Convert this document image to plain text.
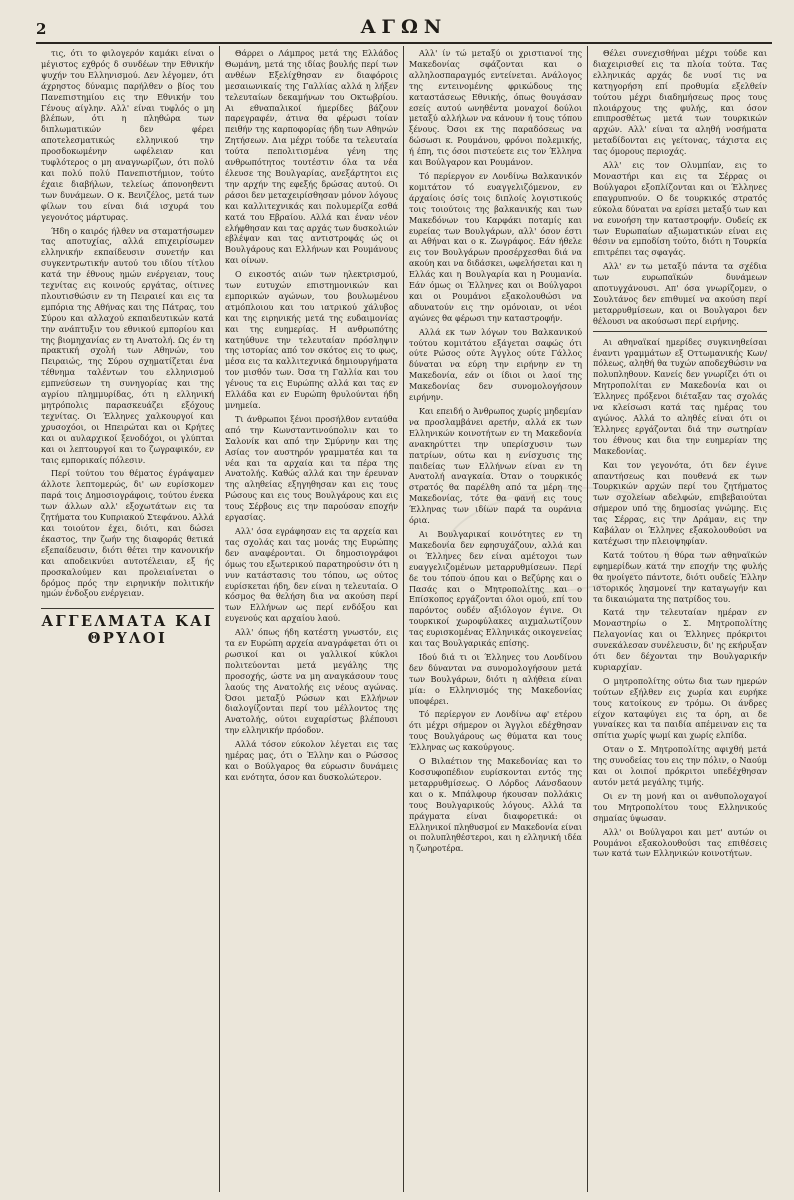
2	ΑΓΩΝ

τις, ότι το φιλογερόν καμάκι είναι ο μέγιστος εχθρός δ συνδέων την Εθνικήν ψυχήν του Ελληνισμού. Δεν λέγομεν, ότι άχρηστος δύναμις παρήλθεν ο βίος του Πανεπιστημίου εις την Εθνικήν του Γένους αίγλην. Αλλ' είναι τυφλός ο μη βλέπων, ότι η πληθώρα των διπλωματικών δεν φέρει αποτελεσματικώς ελληνικού την προσδοκωμένην ωφέλειαν και τυφλότερος ο μη αναγνωρίζων, ότι πολύ και πολύ πολύ Πανεπιστήμιον, τούτο έχαιε διαβήλων, τελείως άπονοηθεντι των δυνάμεων. Ο κ. Βενιζέλος, μετά των φίλων του είναι διά ισχυρά του γεγονότος μάρτυρας.

Ήδη ο καιρός ήλθεν να σταματήσωμεν τας αποτυχίας, αλλά επιχειρίσωμεν ελληνικήν εκπαίδευσιν συνετήν και συγκεντρωτικήν αυτού του ιδίου τίτλου κατά την έθνους ημών ενέργειαν, τους τεχνίτας εις κοινούς εργάτας, οίτινες πλουτισθώσιν εν τη Πειραιεί και εις τα εμπόρια της Αθήνας και της Πάτρας, του Σύρου και αλλαχού εκπαιδευτικών κατά την ανάπτυξιν του εθνικού εμπορίου και της βιομηχανίας εν τη Ανατολή. Ως έν τη πρακτική σχολή των Αθηνών, του Πειραιώς, της Σύρου σχηματίζεται ένα τέθνημα ταλέντων του ελληνισμού εμπνεύσεων τη συνηγορίας και της αγρίου πλημμυρίδας, ότι η ελληνική μητρόπολις παρασκευάζει εξόχους τεχνίτας. Οι Έλληνες χαλκουργοί και χρυσοχόοι, οι Ηπειρώται και οι Κρήτες και οι αυλαρχικοί ξενοδόχοι, οι γλύπται και οι λεπτουργοί και το ζωγραφικόν, εν ταις εμπορικαίς πόλεσιν.

Περί τούτου του θέματος έγράψαμεν άλλοτε λεπτομερώς, δι' ων ευρίσκομεν παρά τοις Δημοσιογράφοις, τούτου ένεκα των άλλων αλλ' εξοχωτάτων εις τα ζητήματα του Κυπριακού Στεφάνου. Αλλά και τοιούτον έχει, διότι, και δώσει έκαστος, την ζωήν της διαφοράς θετικά εξεπαίδευσιν, διότι θέτει την κανονικήν και αποδεικνύει αυτοτέλειαν, εξ ής προσκαλούμεν και προλειαίνεται ο δρόμος πρός την ειρηνικήν πολιτικήν ημών ένδοξου ενέργειαν.

ΑΓΓΕΛΜΑΤΑ ΚΑΙ ΘΡΥΛΟΙ

Θάρρει ο Λάμπρος μετά της Ελλάδος Θωμάνη, μετά της ιδίας βουλής περί των ανθέων Εξελίχθησαν εν διαφόροις μεσαιωνικαίς της Γαλλίας αλλά η λήξεν τελευταίων δεκαμήνων του Οκτωβρίου. Αι εθναπαλικοί ήμερίδες βάζουν παρεγραφέν, άτινα θα φέρωσι τοίαν πειθήν της καρποφορίας ήδη των Αθηνών Ζητήσεων. Δια μέχρι τούδε τα τελευταία τούτα πεπολιτισμένα γένη της ανθρωπότητος τουτέστιν όλα τα νέα έλευσε της Βουλγαρίας, ανεξάρτητοι εις την αρχήν της εφεξής δρώσας αυτού. Οι ράσοι δεν μεταχειρίσθησαν μόνον λόγους και καλλιτεχνικάς και πολυμερίζα εσθά κατά του Εβραίου. Αλλά και έναν νέον ελήφθησαν και τας αρχάς των δυσκολιών εβλέψαν και τας αντιστροφάς ώς οι Βουλγάρους και Ελλήνων και Ρουμάνους και οίνων.

Ο εικοστός αιών των ηλεκτρισμού, των ευτυχών επιστημονικών και εμπορικών αγώνων, του βουλωμένου ατμόπλοιου και του ιατρικού χάλυβος και της ειρηνικής μετά της ευδαιμονίας και της ευημερίας. Η ανθρωπότης κατηύθυνε την τελευταίαν πρόσληψιν της ιστορίας από τον σκότος εις το φως, μέσα εις τα καλλιτεχνικά δημιουργήματα τον μισθόν των. Όσα τη Γαλλία και του γένους τα εις Ευρώπης αλλά και τας εν Ελλάδα και εν Ευρώπη θρυλούνται ήδη μνημεία.

Τι άνθρωποι ξένοι προσήλθον ενταύθα από την Κωνσταντινούπολιν και το Σαλονίκ και από την Σμύρνην και της Ασίας τον αυστηρόν γραμματέα και τα νέα και τα αρχαία και τα πέρα της Ανατολής. Καθώς αλλά και την έρευναν της αληθείας εξηγηθησαν και εις τους Ρώσους και εις τους Βουλγάρους και εις τους Σέρβους εις την παρούσαν εποχήν εργασίας.

Αλλ' όσα εγράφησαν εις τα αρχεία και τας σχολάς και τας μονάς της Ευρώπης δεν αναφέρονται. Οι δημοσιογράφοι όμως του εξωτερικού παρατηρούσιν ότι η νυν κατάστασις του τόπου, ως ούτος ευρίσκεται ήδη, δεν είναι η τελευταία. Ο κόσμος θα θελήση δια να ακούση περί των Ελλήνων ως περί ενδόξου και ευγενούς και αρχαίου λαού.

Αλλ' όπως ήδη κατέστη γνωστόν, εις τα εν Ευρώπη αρχεία αναγράφεται ότι οι ρωσικοί και οι γαλλικοί κύκλοι πολιτεύονται μετά μεγάλης της προσοχής, ώστε να μη αναγκάσουν τους λαούς της Ανατολής εις νέους αγώνας. Όσοι μεταξύ Ρώσων και Ελλήνων διαλογίζονται περί του μέλλοντος της Ανατολής, ούτοι ευχαρίστως βλέπουσι την ελληνικήν πρόοδον.

Αλλά τόσον εύκολον λέγεται εις τας ημέρας μας, ότι ο Έλλην και ο Ρώσσος και ο Βούλγαρος θα εύρωσιν δυνάμεις και ενότητα, όσον και δυσκολώτερον.

Αλλ' ίν τώ μεταξύ οι χριστιανοί της Μακεδονίας σφάζονται και ο αλληλοσπαραγμός εντείνεται. Ανάλογος της εντεινομένης φρικώδους της καταστάσεως Εθνικής, όπως θουγάσαν εσείς αυτού ωνηθέντα μοναχοί δούλοι μεταξύ αλλήλων να κάνουν ή τους τόπου ξένους. Όσοι εκ της παραδόσεως να δώσωσι κ. Ρουμάνου, φρόνοι πολεμικής, ή έπη, τις όσοι πιστεύετε εις τον Έλληνα και Βούλγαρον και Ρουμάνον.

Τό περίεργον εν Λονδίνω Βαλκανικόν κομιτάτον τό ευαγγελιζόμενον, εν άρχαίοις όσίς τοις διπλοίς λογιστικούς τοις τοιούτοις της βαλκανικής και των Μακεδόνων του Καρφάκι ποταμίς και ευρείας των Βουλγάρων, αλλ' όσον έστι αι Αθήναι και ο κ. Ζωγράφος. Εάν ήθελε εις τον Βουλγάρων προσέρχεσθαι διά να ακούη και να διδάσκει, ωφελήσεται και η Ελλάς και η Βουλγαρία και η Ρουμανία. Εάν όμως οι Έλληνες και οι Βούλγαροι και οι Ρουμάνοι εξακολουθώσι να αδυνατούν εις την ομόνοιαν, οι νέοι αγώνες θα φέρωσι την καταστροφήν.

Αλλά εκ των λόγων του Βαλκανικού τούτου κομιτάτου εξάγεται σαφώς ότι ούτε Ρώσος ούτε Άγγλος ούτε Γάλλος δύναται να εύρη την ειρήνην εν τη Μακεδονία, εάν οι ίδιοι οι λαοί της Μακεδονίας δεν συνομολογήσουν ειρήνην.

Και επειδή ο Άνθρωπος χωρίς μηδεμίαν να προσλαμβάνει αρετήν, αλλά εκ των Ελληνικών κοινοτήτων εν τη Μακεδονία ανακηρύττει την υπερίσχυσιν των πατρίων, ούτω και η ενίσχυσις της παιδείας των Ελλήνων είναι εν τη Ανατολή αναγκαία. Όταν ο τουρκικός στρατός θα παρέλθη από τα μέρη της Μακεδονίας, τότε θα φανή εις τους Έλληνας των ιδίων παρά τα ουράνια όρια.

Αι Βουλγαρικαί κοινότητες εν τη Μακεδονία δεν εφησυχάζουν, αλλά και οι Έλληνες δεν είναι αμέτοχοι των ευαγγελιζομένων μεταρρυθμίσεων. Περί δε του τόπου όπου και ο Βεζύρης και ο Πασάς και ο Μητροπολίτης και ο Επίσκοπος εργάζονται όλοι ομού, επί του παρόντος ουδέν αξιόλογον έγινε. Οι τουρκικοί χωροφύλακες αιχμαλωτίζουν τας ευρισκομένας Ελληνικάς οικογενείας και τας Βουλγαρικάς επίσης.

Ιδού διά τι οι Έλληνες του Λονδίνου δεν δύνανται να συνομολογήσουν μετά των Βουλγάρων, διότι η αλήθεια είναι μία: ο Ελληνισμός της Μακεδονίας υποφέρει.

Τό περίεργον εν Λονδίνω αφ' ετέρου ότι μέχρι σήμερον οι Άγγλοι εδέχθησαν τους Βουλγάρους ως θύματα και τους Έλληνας ως κακούργους.

Ο Βιλαέτιον της Μακεδονίας και το Κοσσυφοπέδιον ευρίσκονται εντός της μεταρρυθμίσεως. Ο Λόρδος Λάνσδαουν και ο κ. Μπάλφουρ ήκουσαν πολλάκις τους Βουλγαρικούς λόγους. Αλλά τα πράγματα είναι διαφορετικά: οι Ελληνικοί πληθυσμοί εν Μακεδονία είναι οι πολυπληθέστεροι, και η ελληνική ιδέα η ζωηροτέρα.

Θέλει συνεχισθήναι μέχρι τούδε και διαχειρισθεί εις τα πλοία τούτα. Τας ελληνικάς αρχάς δε νυσί τις να κατηγορήση επί προθυμία εξελθείν τούτου μέχρι διαδημήσεως προς τους πλοιάρχους της φυλής, και όσον επιπροσθέτως μετά των τουρκικών αρχών. Αλλ' είναι τα αληθή νοσήματα μεταδίδονται εις γείτονας, τάχιστα εις τας όμορους περιοχάς.

Αλλ' εις τον Ολυμπίαν, εις το Μοναστήρι και εις τα Σέρρας οι Βούλγαροι εξοπλίζονται και οι Έλληνες επαγρυπνούν. Ο δε τουρκικός στρατός εύκολα δύναται να ερίσει μεταξύ των και να ευνοήση την καταστροφήν. Ουδείς εκ των Ευρωπαίων αξιωματικών είναι εις θέσιν να εμποδίση τούτο, διότι η Τουρκία επιτρέπει τας σφαγάς.

Αλλ' εν τω μεταξύ πάντα τα σχέδια των ευρωπαϊκών δυνάμεων αποτυγχάνουσι. Απ' όσα γνωρίζομεν, ο Σουλτάνος δεν επιθυμεί να ακούση περί μεταρρυθμίσεων, και οι Βουλγαροι δεν θέλουσι να ακούσωσι περί ειρήνης.

Αι αθηναϊκαί ημερίδες συγκινηθείσαι έναντι γραμμάτων εξ Οττωμανικής Κων/πόλεως, αληθή θα τυχών αποδεχθώσιν να πολυπληθουν. Κανείς δεν γνωρίζει ότι οι Μητροπολίται εν Μακεδονία και οι Έλληνες πρόξενοι διέταξαν τας σχολάς να κλείσωσι κατά τας ημέρας του αγώνος. Αλλά το αληθές είναι ότι οι Έλληνες εργάζονται διά την σωτηρίαν του έθνους και δια την ευημερίαν της Μακεδονίας.

Και τον γεγονότα, ότι δεν έγινε απαντήσεως και πουθενά εκ των Τουρκικών αρχών περί του ζητήματος των σχολείων αδελφών, επιβεβαιούται σήμερον υπό της δημοσίας γνώμης. Εις τας Σέρρας, εις την Δράμαν, εις την Καβάλαν οι Έλληνες εξακολουθούσι να κατέχωσι την πλειοψηφίαν.

Κατά τούτου η θύρα των αθηναϊκών εφημερίδων κατά την εποχήν της φυλής θα ηνοίγετο πάντοτε, διότι ουδείς Έλλην ιστορικός λησμονεί την καταγωγήν και τα δικαιώματα της πατρίδος του.

Κατά την τελευταίαν ημέραν εν Μοναστηρίω ο Σ. Μητροπολίτης Πελαγονίας και οι Έλληνες πρόκριτοι συνεκάλεσαν συνέλευσιν, δι' ης εκήρυξαν ότι δεν δέχονται την Βουλγαρικήν κυριαρχίαν.

Ο μητροπολίτης ούτω δια των ημερών τούτων εξήλθεν εις χωρία και ευρήκε τους κατοίκους εν τρόμω. Οι άνδρες είχον καταφύγει εις τα όρη, αι δε γυναίκες και τα παιδία απέμειναν εις τα σπίτια χωρίς ψωμί και χωρίς ελπίδα.

Οταν ο Σ. Μητροπολίτης αφιχθή μετά της συνοδείας του εις την πόλιν, ο Ναούμ και οι λοιποί πρόκριτοι υπεδέχθησαν αυτόν μετά μεγάλης τιμής.

Οι εν τη μονή και οι ανθυπολοχαγοί του Μητροπολίτου τους Ελληνικούς σημαίας ύψωσαν.

Αλλ' οι Βούλγαροι και μετ' αυτών οι Ρουμάνοι εξακολουθούσι τας επιθέσεις των κατά των Ελληνικών κοινοτήτων.
